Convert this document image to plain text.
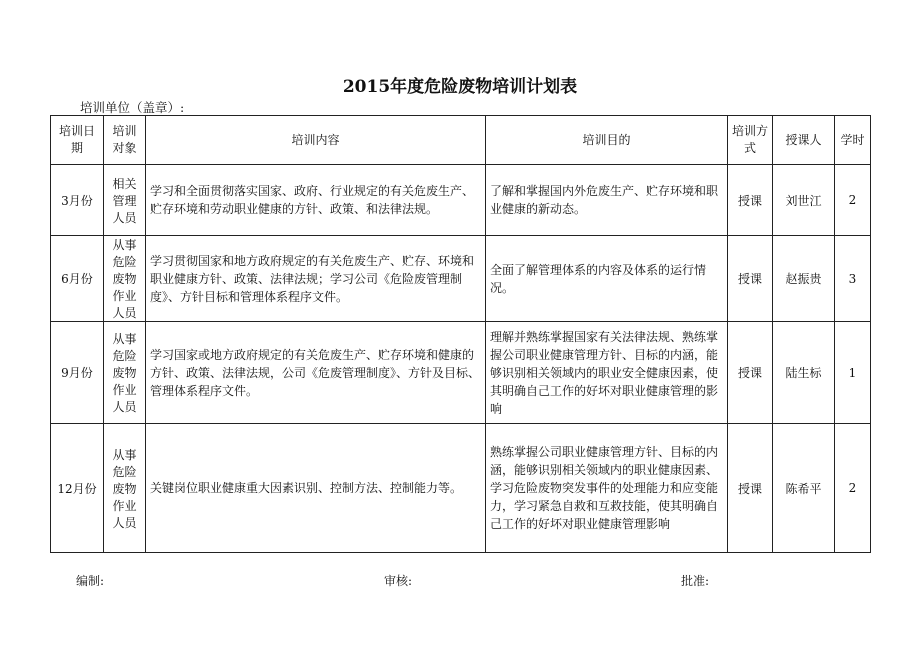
2015年度危险废物培训计划表
培训单位（盖章）:
培训日期	培训对象	培训内容	培训目的	培训方式	授课人	学时
3月份	相关管理人员	学习和全面贯彻落实国家、政府、行业规定的有关危废生产、贮存环境和劳动职业健康的方针、政策、和法律法规。	了解和掌握国内外危废生产、贮存环境和职业健康的新动态。	授课	刘世江	2
6月份	从事危险废物作业人员	学习贯彻国家和地方政府规定的有关危废生产、贮存、环境和职业健康方针、政策、法律法规；学习公司《危险废管理制度》、方针目标和管理体系程序文件。	全面了解管理体系的内容及体系的运行情况。	授课	赵振贵	3
9月份	从事危险废物作业人员	学习国家或地方政府规定的有关危废生产、贮存环境和健康的方针、政策、法律法规，公司《危废管理制度》、方针及目标、管理体系程序文件。	理解并熟练掌握国家有关法律法规、熟练掌握公司职业健康管理方针、目标的内涵，能够识别相关领域内的职业安全健康因素，使其明确自己工作的好坏对职业健康管理的影响	授课	陆生标	1
12月份	从事危险废物作业人员	关键岗位职业健康重大因素识别、控制方法、控制能力等。	熟练掌握公司职业健康管理方针、目标的内涵，能够识别相关领域内的职业健康因素、学习危险废物突发事件的处理能力和应变能力，学习紧急自救和互救技能，使其明确自己工作的好坏对职业健康管理影响	授课	陈希平	2
编制:	审核:	批准:
